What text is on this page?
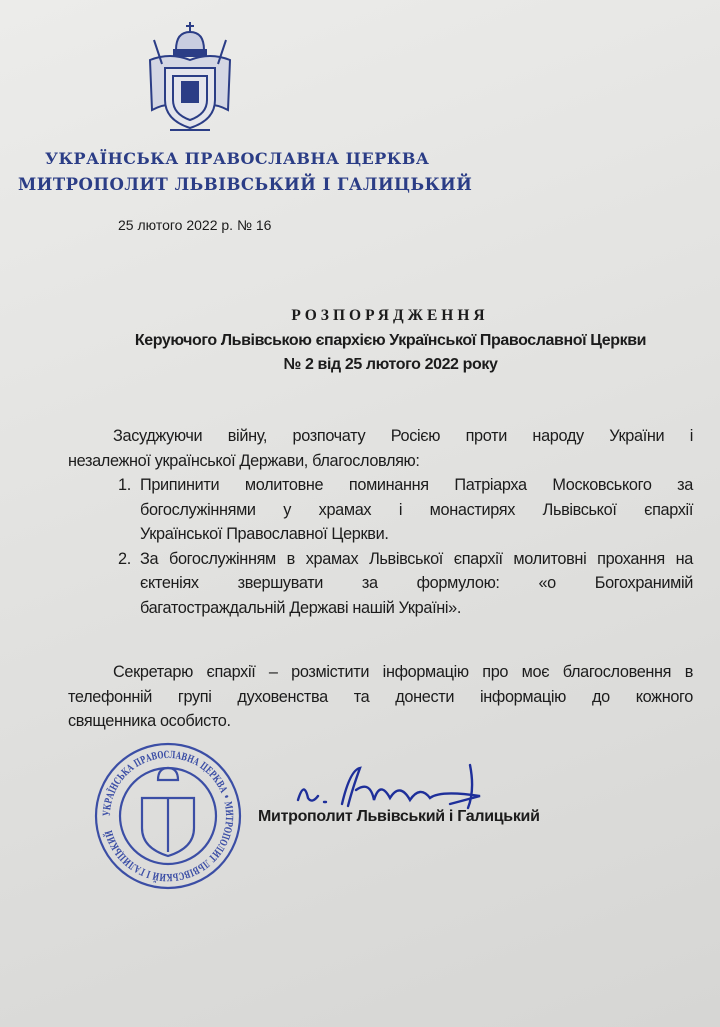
УКРАЇНСЬКА ПРАВОСЛАВНА ЦЕРКВА
МИТРОПОЛИТ ЛЬВІВСЬКИЙ І ГАЛИЦЬКИЙ
25 лютого 2022 р. № 16
РОЗПОРЯДЖЕННЯ
Керуючого Львівською єпархією Української Православної Церкви
№ 2 від 25 лютого 2022 року
Засуджуючи війну, розпочату Росією проти народу України і
незалежної української Держави, благословляю:
1. Припинити молитовне поминання Патріарха Московського за
богослужіннями у храмах і монастирях Львівської єпархії
Української Православної Церкви.
2. За богослужінням в храмах Львівської єпархії молитовні прохання на
єктеніях звершувати за формулою: «о Богохранимій
багатостраждальній Державі нашій Україні».
Секретарю єпархії – розмістити інформацію про моє благословення в
телефонній групі духовенства та донести інформацію до кожного
священника особисто.
УКРАЇНСЬКА ПРАВОСЛАВНА ЦЕРКВА • МИТРОПОЛИТ ЛЬВІВСЬКИЙ І ГАЛИЦЬКИЙ
Митрополит Львівський і Галицький
